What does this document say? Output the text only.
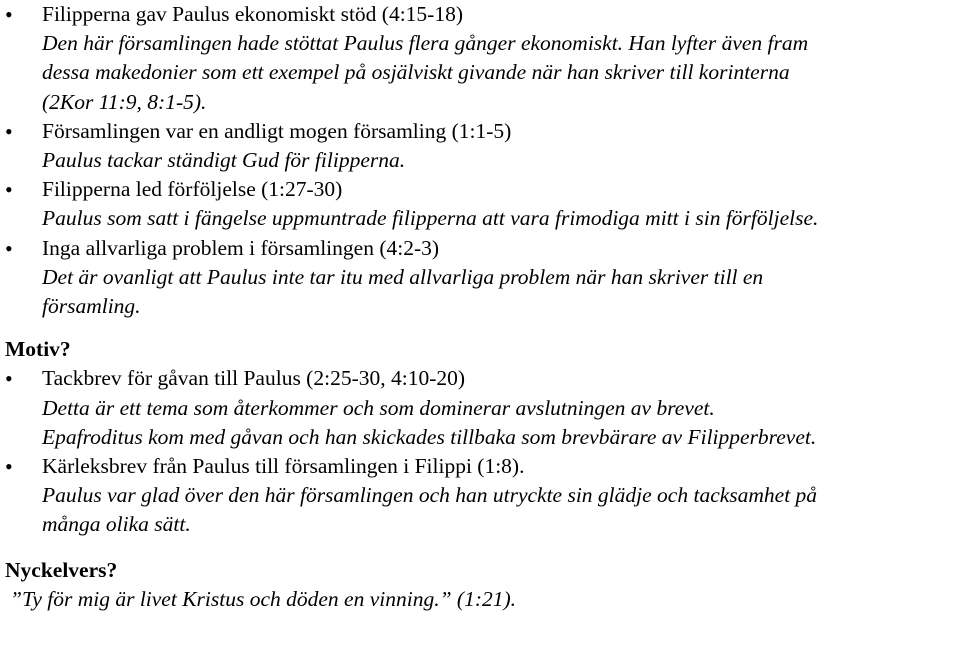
•	Filipperna gav Paulus ekonomiskt stöd (4:15-18)
Den här församlingen hade stöttat Paulus flera gånger ekonomiskt. Han lyfter även fram
dessa makedonier som ett exempel på osjälviskt givande när han skriver till korinterna
(2Kor 11:9, 8:1-5).
•	Församlingen var en andligt mogen församling (1:1-5)
Paulus tackar ständigt Gud för filipperna.
•	Filipperna led förföljelse (1:27-30)
Paulus som satt i fängelse uppmuntrade filipperna att vara frimodiga mitt i sin förföljelse.
•	Inga allvarliga problem i församlingen (4:2-3)
Det är ovanligt att Paulus inte tar itu med allvarliga problem när han skriver till en
församling.
Motiv?
•	Tackbrev för gåvan till Paulus (2:25-30, 4:10-20)
Detta är ett tema som återkommer och som dominerar avslutningen av brevet.
Epafroditus kom med gåvan och han skickades tillbaka som brevbärare av Filipperbrevet.
•	Kärleksbrev från Paulus till församlingen i Filippi (1:8).
Paulus var glad över den här församlingen och han utryckte sin glädje och tacksamhet på
många olika sätt.
Nyckelvers?
”Ty för mig är livet Kristus och döden en vinning.” (1:21).
